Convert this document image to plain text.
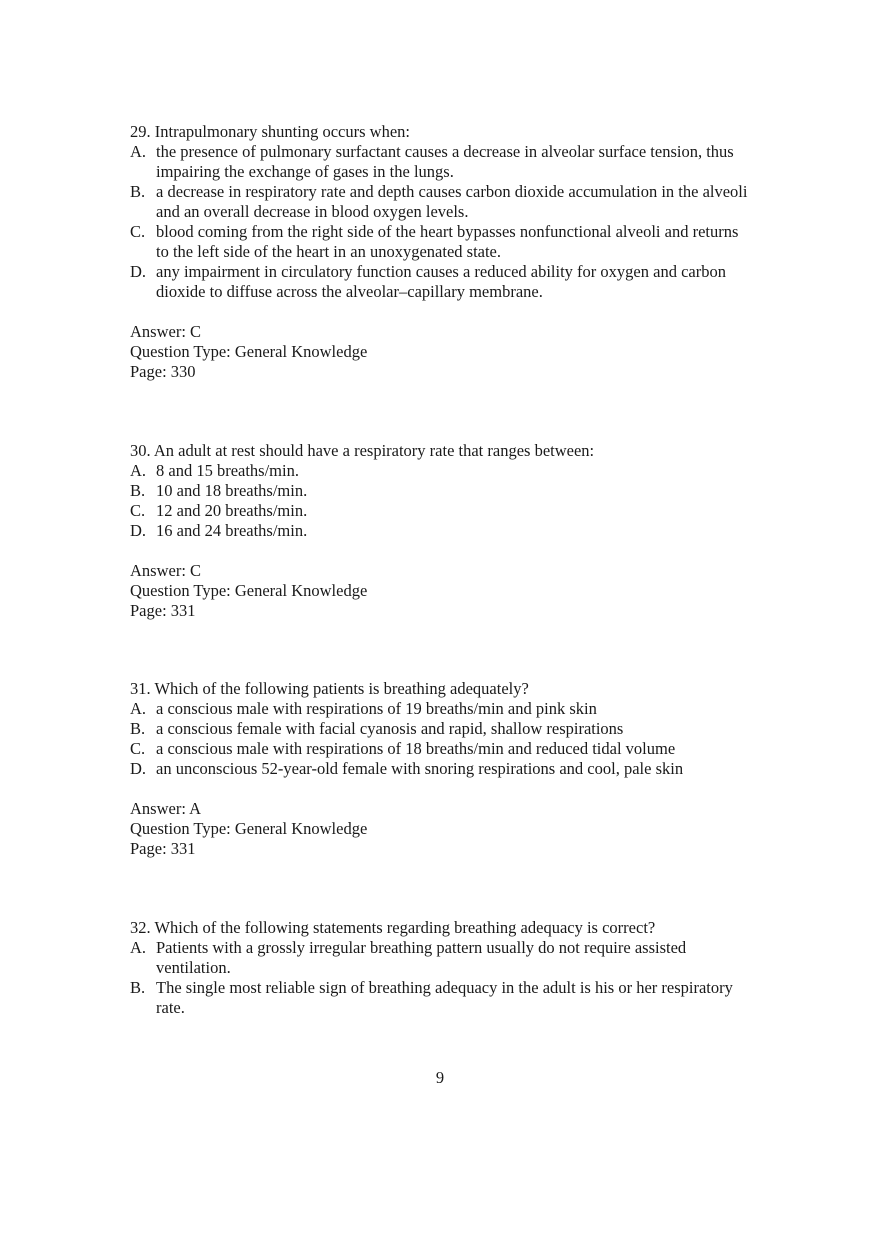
29. Intrapulmonary shunting occurs when:

A. the presence of pulmonary surfactant causes a decrease in alveolar surface tension, thus impairing the exchange of gases in the lungs.
B. a decrease in respiratory rate and depth causes carbon dioxide accumulation in the alveoli and an overall decrease in blood oxygen levels.
C. blood coming from the right side of the heart bypasses nonfunctional alveoli and returns to the left side of the heart in an unoxygenated state.
D. any impairment in circulatory function causes a reduced ability for oxygen and carbon dioxide to diffuse across the alveolar–capillary membrane.
Answer: C
Question Type: General Knowledge
Page: 330

30. An adult at rest should have a respiratory rate that ranges between:

A. 8 and 15 breaths/min.
B. 10 and 18 breaths/min.
C. 12 and 20 breaths/min.
D. 16 and 24 breaths/min.
Answer: C
Question Type: General Knowledge
Page: 331

31. Which of the following patients is breathing adequately?

A. a conscious male with respirations of 19 breaths/min and pink skin
B. a conscious female with facial cyanosis and rapid, shallow respirations
C. a conscious male with respirations of 18 breaths/min and reduced tidal volume
D. an unconscious 52-year-old female with snoring respirations and cool, pale skin
Answer: A
Question Type: General Knowledge
Page: 331

32. Which of the following statements regarding breathing adequacy is correct?

A. Patients with a grossly irregular breathing pattern usually do not require assisted ventilation.
B. The single most reliable sign of breathing adequacy in the adult is his or her respiratory rate.
9
